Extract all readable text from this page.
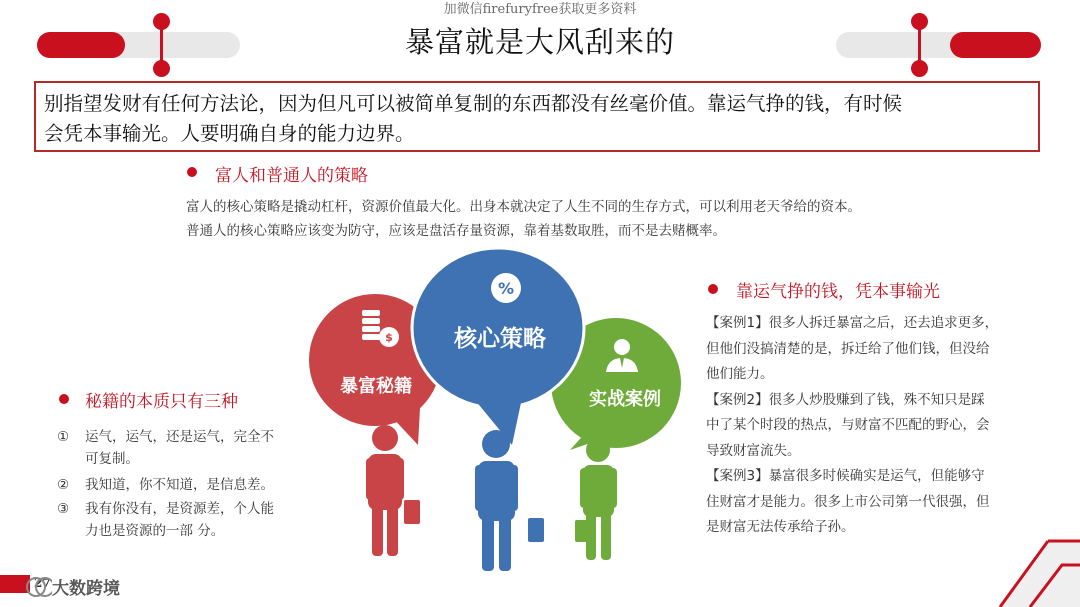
加微信firefuryfree获取更多资料
暴富就是大风刮来的
别指望发财有任何方法论，因为但凡可以被简单复制的东西都没有丝毫价值。靠运气挣的钱，有时候
会凭本事输光。人要明确自身的能力边界。
富人和普通人的策略
富人的核心策略是撬动杠杆，资源价值最大化。出身本就决定了人生不同的生存方式，可以利用老天爷给的资本。
普通人的核心策略应该变为防守，应该是盘活存量资源，靠着基数取胜，而不是去赌概率。
%
$
暴富秘籍
核心策略
实战案例
秘籍的本质只有三种
① 运气，运气，还是运气，完全不
可复制。
② 我知道，你不知道，是信息差。
③ 我有你没有，是资源差，个人能
力也是资源的一部 分。
靠运气挣的钱，凭本事输光
【案例1】很多人拆迁暴富之后，还去追求更多，
但他们没搞清楚的是，拆迁给了他们钱，但没给
他们能力。
【案例2】很多人炒股赚到了钱，殊不知只是踩
中了某个时段的热点，与财富不匹配的野心，会
导致财富流失。
【案例3】暴富很多时候确实是运气，但能够守
住财富才是能力。很多上市公司第一代很强，但
是财富无法传承给子孙。
27 大数跨境
